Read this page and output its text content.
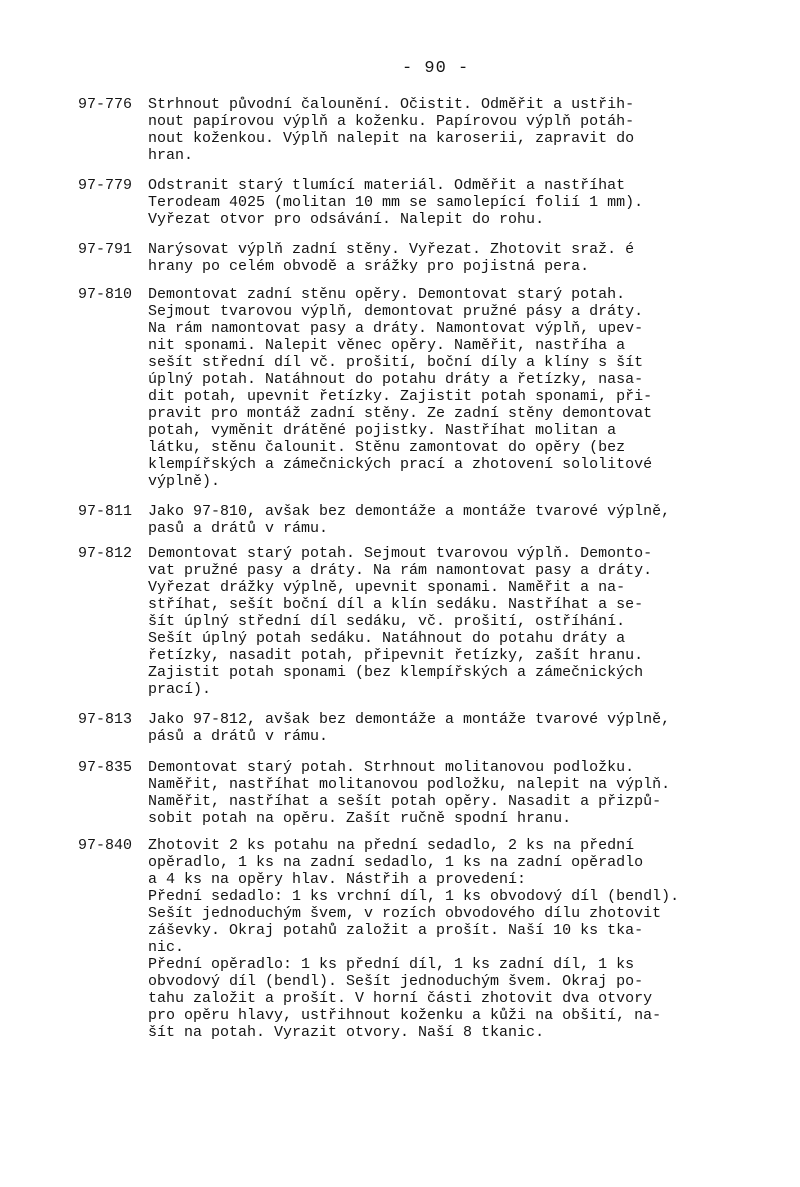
- 90 -
97-776	Strhnout původní čalounění. Očistit. Odměřit a ustřih-
nout papírovou výplň a koženku. Papírovou výplň potáh-
nout koženkou. Výplň nalepit na karoserii, zapravit do
hran.
97-779	Odstranit starý tlumící materiál. Odměřit a nastříhat
Terodeam 4025 (molitan 10 mm se samolepící folií 1 mm).
Vyřezat otvor pro odsávání. Nalepit do rohu.
97-791	Narýsovat výplň zadní stěny. Vyřezat. Zhotovit sraž. é
hrany po celém obvodě a srážky pro pojistná pera.
97-810	Demontovat zadní stěnu opěry. Demontovat starý potah.
Sejmout tvarovou výplň, demontovat pružné pásy a dráty.
Na rám namontovat pasy a dráty. Namontovat výplň, upev-
nit sponami. Nalepit věnec opěry. Naměřit, nastříha a
sešít střední díl vč. prošití, boční díly a klíny s šít
úplný potah. Natáhnout do potahu dráty a řetízky, nasa-
dit potah, upevnit řetízky. Zajistit potah sponami, při-
pravit pro montáž zadní stěny. Ze zadní stěny demontovat
potah, vyměnit drátěné pojistky. Nastříhat molitan a
látku, stěnu čalounit. Stěnu zamontovat do opěry (bez
klempířských a zámečnických prací a zhotovení sololitové
výplně).
97-811	Jako 97-810, avšak bez demontáže a montáže tvarové výplně,
pasů a drátů v rámu.
97-812	Demontovat starý potah. Sejmout tvarovou výplň. Demonto-
vat pružné pasy a dráty. Na rám namontovat pasy a dráty.
Vyřezat drážky výplně, upevnit sponami. Naměřit a na-
stříhat, sešít boční díl a klín sedáku. Nastříhat a se-
šít úplný střední díl sedáku, vč. prošití, ostříhání.
Sešít úplný potah sedáku. Natáhnout do potahu dráty a
řetízky, nasadit potah, připevnit řetízky, zašít hranu.
Zajistit potah sponami (bez klempířských a zámečnických
prací).
97-813	Jako 97-812, avšak bez demontáže a montáže tvarové výplně,
pásů a drátů v rámu.
97-835	Demontovat starý potah. Strhnout molitanovou podložku.
Naměřit, nastříhat molitanovou podložku, nalepit na výplň.
Naměřit, nastříhat a sešít potah opěry. Nasadit a přizpů-
sobit potah na opěru. Zašít ručně spodní hranu.
97-840	Zhotovit 2 ks potahu na přední sedadlo, 2 ks na přední
opěradlo, 1 ks na zadní sedadlo, 1 ks na zadní opěradlo
a 4 ks na opěry hlav. Nástřih a provedení:
Přední sedadlo: 1 ks vrchní díl, 1 ks obvodový díl (bendl).
Sešít jednoduchým švem, v rozích obvodového dílu zhotovit
záševky. Okraj potahů založit a prošít. Naší 10 ks tka-
nic.
Přední opěradlo: 1 ks přední díl, 1 ks zadní díl, 1 ks
obvodový díl (bendl). Sešít jednoduchým švem. Okraj po-
tahu založit a prošít. V horní části zhotovit dva otvory
pro opěru hlavy, ustřihnout koženku a kůži na obšití, na-
šít na potah. Vyrazit otvory. Naší 8 tkanic.
